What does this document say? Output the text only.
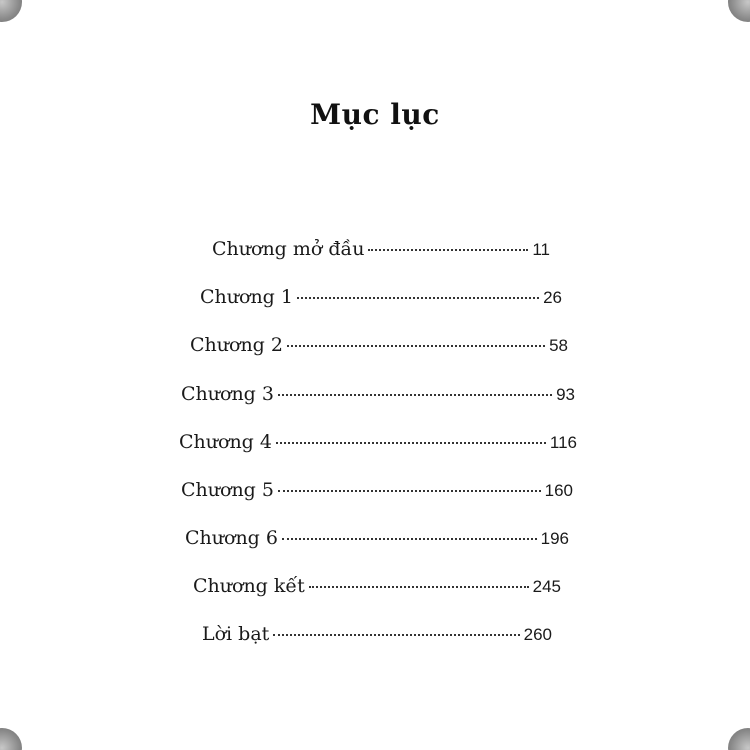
Mục lục
Chương mở đầu	11
Chương 1	26
Chương 2	58
Chương 3	93
Chương 4	116
Chương 5	160
Chương 6	196
Chương kết	245
Lời bạt	260
